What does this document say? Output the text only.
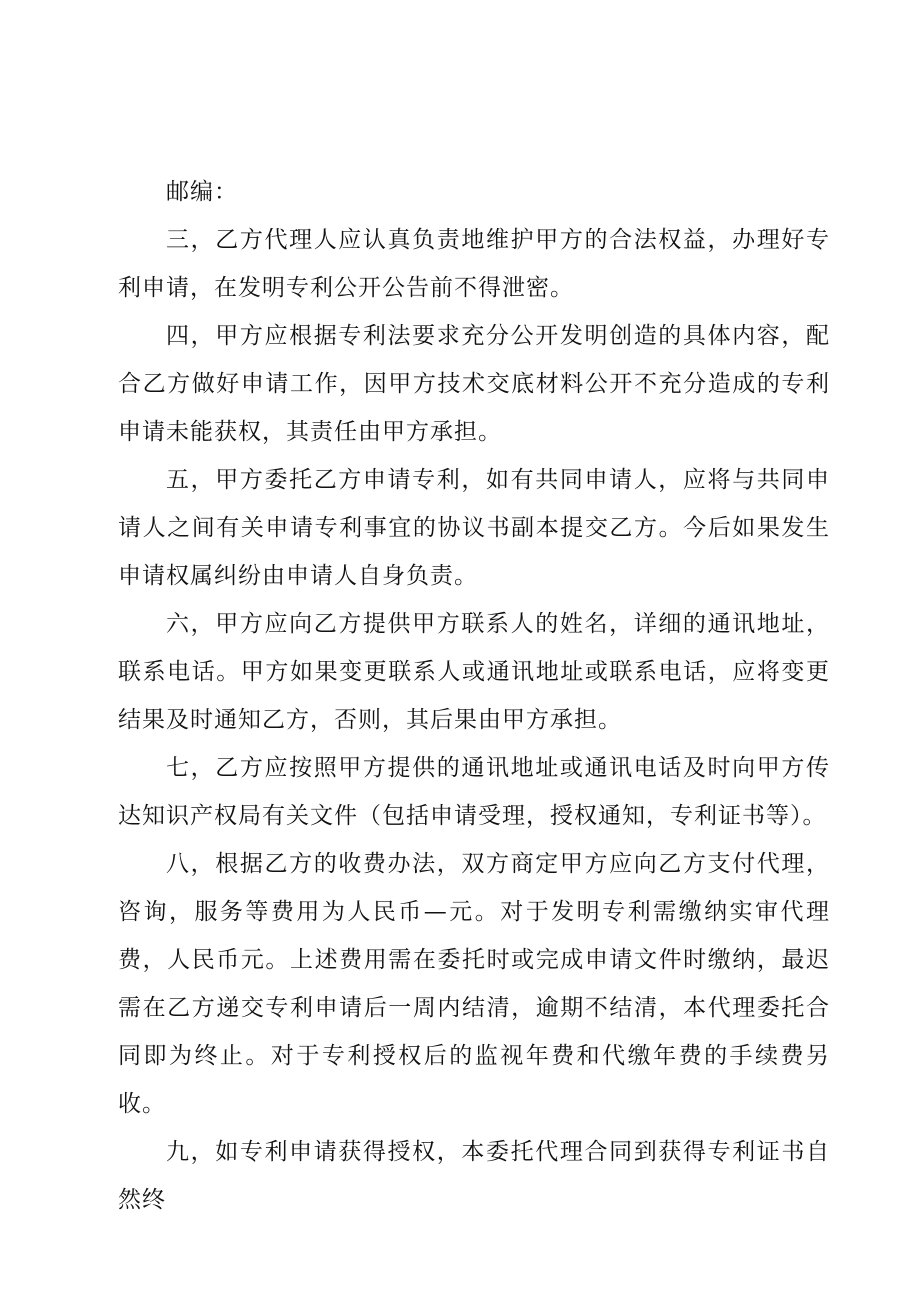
邮编：

三，乙方代理人应认真负责地维护甲方的合法权益，办理好专利申请，在发明专利公开公告前不得泄密。

四，甲方应根据专利法要求充分公开发明创造的具体内容，配合乙方做好申请工作，因甲方技术交底材料公开不充分造成的专利申请未能获权，其责任由甲方承担。

五，甲方委托乙方申请专利，如有共同申请人，应将与共同申请人之间有关申请专利事宜的协议书副本提交乙方。今后如果发生申请权属纠纷由申请人自身负责。

六，甲方应向乙方提供甲方联系人的姓名，详细的通讯地址，联系电话。甲方如果变更联系人或通讯地址或联系电话，应将变更结果及时通知乙方，否则，其后果由甲方承担。

七，乙方应按照甲方提供的通讯地址或通讯电话及时向甲方传达知识产权局有关文件（包括申请受理，授权通知，专利证书等）。

八，根据乙方的收费办法，双方商定甲方应向乙方支付代理，咨询，服务等费用为人民币—元。对于发明专利需缴纳实审代理费，人民币元。上述费用需在委托时或完成申请文件时缴纳，最迟需在乙方递交专利申请后一周内结清，逾期不结清，本代理委托合同即为终止。对于专利授权后的监视年费和代缴年费的手续费另收。

九，如专利申请获得授权，本委托代理合同到获得专利证书自然终
